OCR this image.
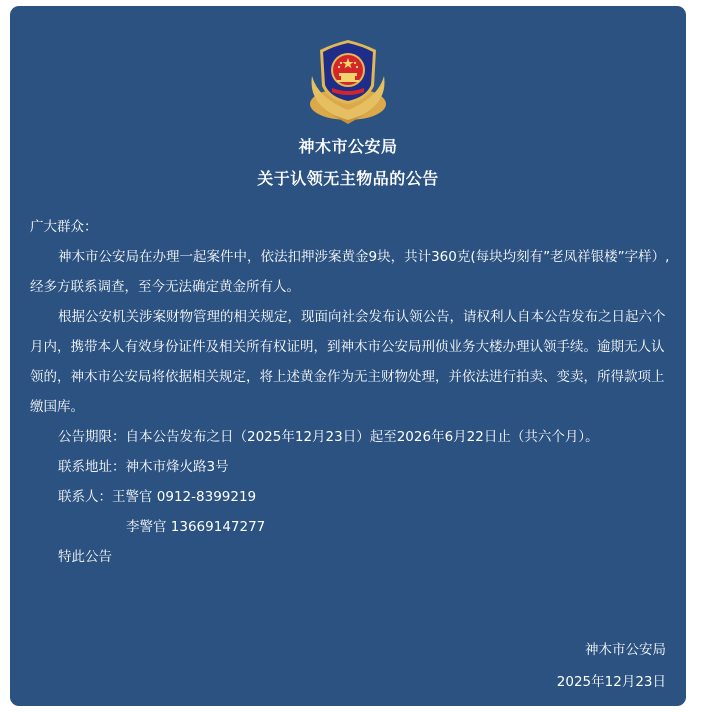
神木市公安局
关于认领无主物品的公告

广大群众：

神木市公安局在办理一起案件中，依法扣押涉案黄金9块，共计360克(每块均刻有”老凤祥银楼”字样）,经多方联系调查，至今无法确定黄金所有人。

根据公安机关涉案财物管理的相关规定，现面向社会发布认领公告，请权利人自本公告发布之日起六个月内，携带本人有效身份证件及相关所有权证明，到神木市公安局刑侦业务大楼办理认领手续。逾期无人认领的，神木市公安局将依据相关规定，将上述黄金作为无主财物处理，并依法进行拍卖、变卖，所得款项上缴国库。

公告期限：自本公告发布之日（2025年12月23日）起至2026年6月22日止（共六个月）。

联系地址：神木市烽火路3号

联系人：王警官 0912-8399219

李警官 13669147277

特此公告

神木市公安局
2025年12月23日
